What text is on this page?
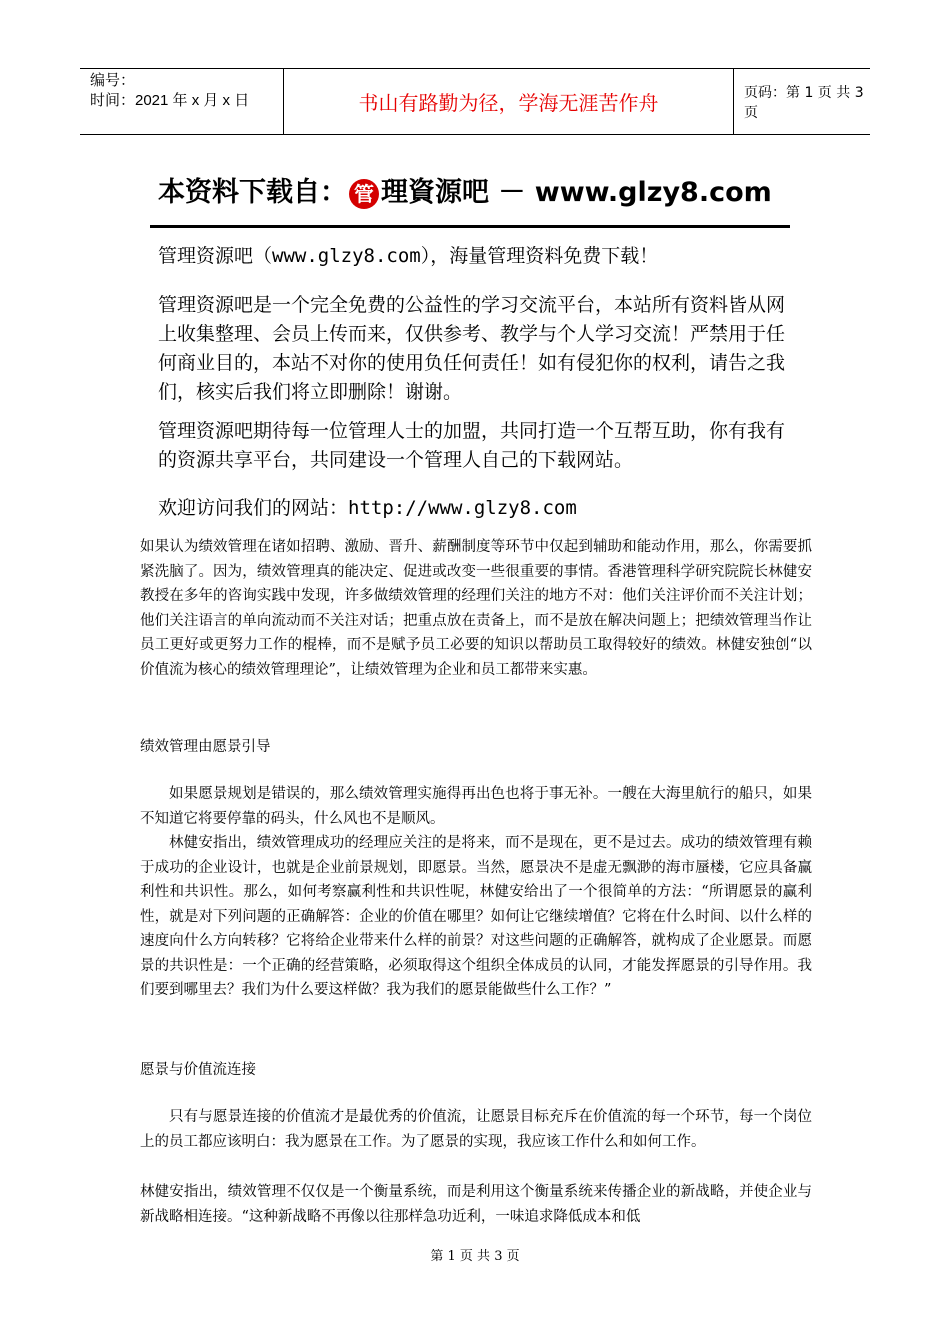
编号：
时间：2021 年 x 月 x 日	书山有路勤为径，学海无涯苦作舟	页码：第 1 页 共 3 页
本资料下载自： 管 理資源吧 － www.glzy8.com
管理资源吧（www.glzy8.com），海量管理资料免费下载！
管理资源吧是一个完全免费的公益性的学习交流平台，本站所有资料皆从网上收集整理、会员上传而来，仅供参考、教学与个人学习交流！严禁用于任何商业目的，本站不对你的使用负任何责任！如有侵犯你的权利，请告之我们，核实后我们将立即删除！谢谢。
管理资源吧期待每一位管理人士的加盟，共同打造一个互帮互助，你有我有的资源共享平台，共同建设一个管理人自己的下载网站。
欢迎访问我们的网站：http://www.glzy8.com
如果认为绩效管理在诸如招聘、激励、晋升、薪酬制度等环节中仅起到辅助和能动作用，那么，你需要抓紧洗脑了。因为，绩效管理真的能决定、促进或改变一些很重要的事情。香港管理科学研究院院长林健安教授在多年的咨询实践中发现，许多做绩效管理的经理们关注的地方不对：他们关注评价而不关注计划；他们关注语言的单向流动而不关注对话；把重点放在责备上，而不是放在解决问题上；把绩效管理当作让员工更好或更努力工作的棍棒，而不是赋予员工必要的知识以帮助员工取得较好的绩效。林健安独创“以价值流为核心的绩效管理理论”，让绩效管理为企业和员工都带来实惠。
绩效管理由愿景引导
如果愿景规划是错误的，那么绩效管理实施得再出色也将于事无补。一艘在大海里航行的船只，如果不知道它将要停靠的码头，什么风也不是顺风。
林健安指出，绩效管理成功的经理应关注的是将来，而不是现在，更不是过去。成功的绩效管理有赖于成功的企业设计，也就是企业前景规划，即愿景。当然，愿景决不是虚无飘渺的海市蜃楼，它应具备赢利性和共识性。那么，如何考察赢利性和共识性呢，林健安给出了一个很简单的方法：“所谓愿景的赢利性，就是对下列问题的正确解答：企业的价值在哪里？如何让它继续增值？它将在什么时间、以什么样的速度向什么方向转移？它将给企业带来什么样的前景？对这些问题的正确解答，就构成了企业愿景。而愿景的共识性是：一个正确的经营策略，必须取得这个组织全体成员的认同，才能发挥愿景的引导作用。我们要到哪里去？我们为什么要这样做？我为我们的愿景能做些什么工作？”
愿景与价值流连接
只有与愿景连接的价值流才是最优秀的价值流，让愿景目标充斥在价值流的每一个环节，每一个岗位上的员工都应该明白：我为愿景在工作。为了愿景的实现，我应该工作什么和如何工作。
林健安指出，绩效管理不仅仅是一个衡量系统，而是利用这个衡量系统来传播企业的新战略，并使企业与新战略相连接。“这种新战略不再像以往那样急功近利，一味追求降低成本和低
第 1 页 共 3 页
